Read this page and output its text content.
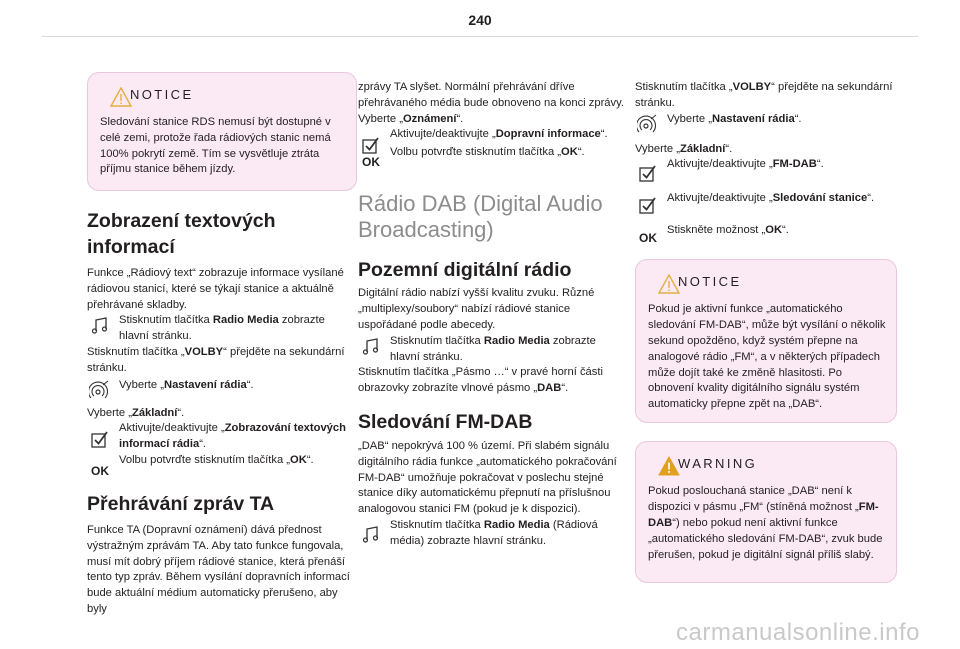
240
NOTICE

Sledování stanice RDS nemusí být dostupné v celé zemi, protože řada rádiových stanic nemá 100% pokrytí země. Tím se vysvětluje ztráta příjmu stanice během jízdy.

Zobrazení textových informací

Funkce „Rádiový text“ zobrazuje informace vysílané rádiovou stanicí, které se týkají stanice a aktuálně přehrávané skladby.

Stisknutím tlačítka Radio Media zobrazte hlavní stránku.

Stisknutím tlačítka „VOLBY“ přejděte na sekundární stránku.

Vyberte „Nastavení rádia“.

Vyberte „Základní“.

Aktivujte/deaktivujte „Zobrazování textových informací rádia“.

OK

Volbu potvrďte stisknutím tlačítka „OK“.

Přehrávání zpráv TA

Funkce TA (Dopravní oznámení) dává přednost výstražným zprávám TA. Aby tato funkce fungovala, musí mít dobrý příjem rádiové stanice, která přenáší tento typ zpráv. Během vysílání dopravních informací bude aktuální médium automaticky přerušeno, aby byly

zprávy TA slyšet. Normální přehrávání dříve přehrávaného média bude obnoveno na konci zprávy.

Vyberte „Oznámení“.

Aktivujte/deaktivujte „Dopravní informace“.

OK

Volbu potvrďte stisknutím tlačítka „OK“.

Rádio DAB (Digital Audio Broadcasting)
Pozemní digitální rádio

Digitální rádio nabízí vyšší kvalitu zvuku. Různé „multiplexy/soubory“ nabízí rádiové stanice uspořádané podle abecedy.

Stisknutím tlačítka Radio Media zobrazte hlavní stránku.

Stisknutím tlačítka „Pásmo …“ v pravé horní části obrazovky zobrazíte vlnové pásmo „DAB“.

Sledování FM-DAB

„DAB“ nepokrývá 100 % území. Při slabém signálu digitálního rádia funkce „automatického pokračování FM-DAB“ umožňuje pokračovat v poslechu stejné stanice díky automatickému přepnutí na příslušnou analogovou stanici FM (pokud je k dispozici).

Stisknutím tlačítka Radio Media (Rádiová média) zobrazte hlavní stránku.

Stisknutím tlačítka „VOLBY“ přejděte na sekundární stránku.

Vyberte „Nastavení rádia“.

Vyberte „Základní“.

Aktivujte/deaktivujte „FM-DAB“.

Aktivujte/deaktivujte „Sledování stanice“.

OK

Stiskněte možnost „OK“.

NOTICE

Pokud je aktivní funkce „automatického sledování FM-DAB“, může být vysílání o několik sekund opožděno, když systém přepne na analogové rádio „FM“, a v některých případech může dojít také ke změně hlasitosti. Po obnovení kvality digitálního signálu systém automaticky přepne zpět na „DAB“.

WARNING

Pokud poslouchaná stanice „DAB“ není k dispozici v pásmu „FM“ (stíněná možnost „FM-DAB“) nebo pokud není aktivní funkce „automatického sledování FM-DAB“, zvuk bude přerušen, pokud je digitální signál příliš slabý.

carmanualsonline.info
